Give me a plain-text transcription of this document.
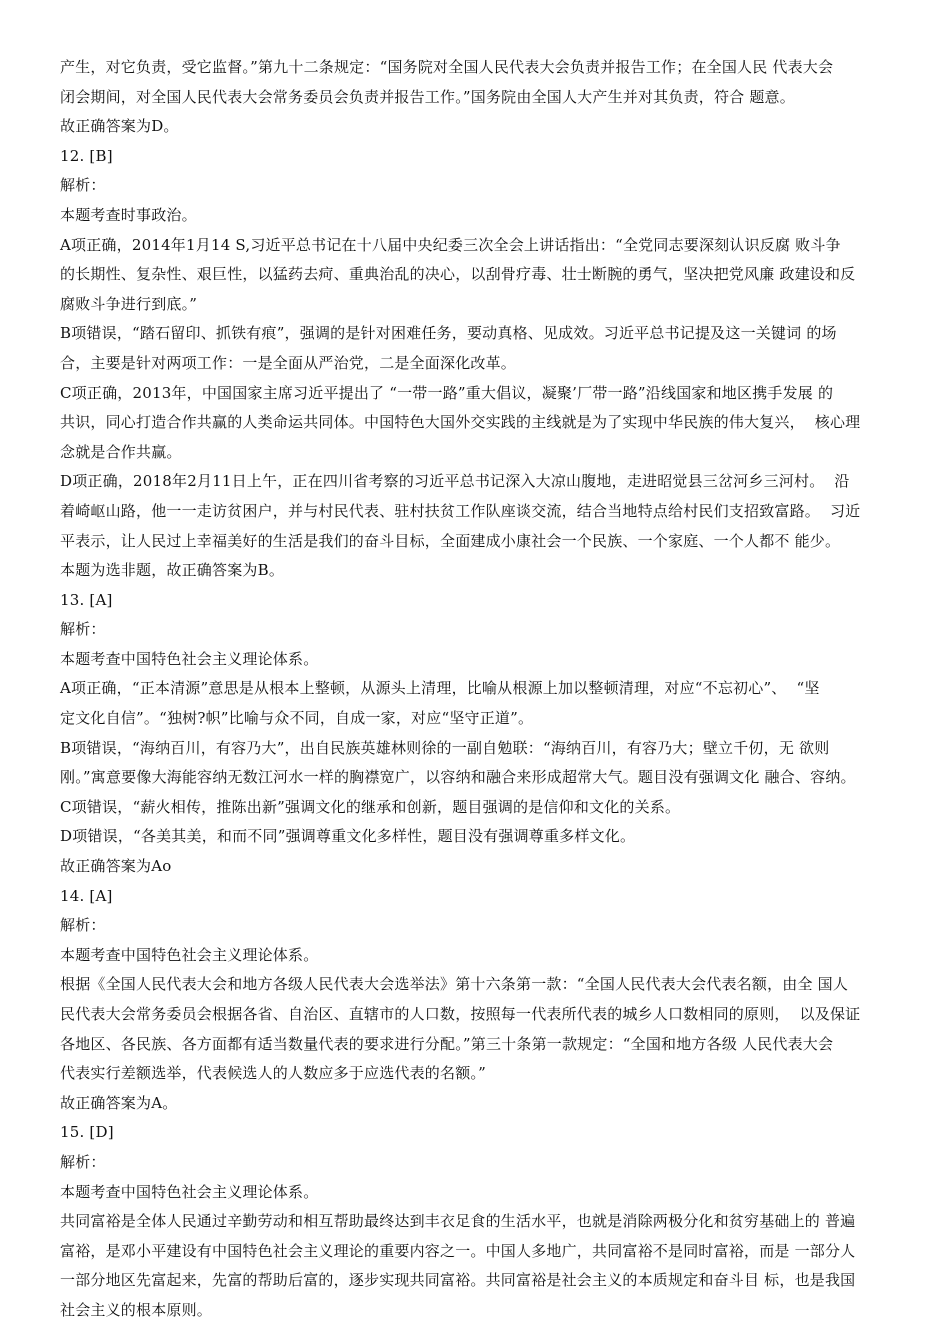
产生，对它负责，受它监督。”第九十二条规定：“国务院对全国人民代表大会负责并报告工作；在全国人民 代表大会

闭会期间，对全国人民代表大会常务委员会负责并报告工作。”国务院由全国人大产生并对其负责，符合 题意。

故正确答案为D。

12. [B]

解析：

本题考查时事政治。

A项正确，2014年1月14 S,习近平总书记在十八届中央纪委三次全会上讲话指出：“全党同志要深刻认识反腐 败斗争

的长期性、复杂性、艰巨性，以猛药去疴、重典治乱的决心，以刮骨疗毒、壮士断腕的勇气，坚决把党风廉 政建设和反

腐败斗争进行到底。”

B项错误，“踏石留印、抓铁有痕”，强调的是针对困难任务，要动真格、见成效。习近平总书记提及这一关键词 的场

合，主要是针对两项工作：一是全面从严治党，二是全面深化改革。

C项正确，2013年，中国国家主席习近平提出了 “一带一路”重大倡议，凝聚’厂带一路”沿线国家和地区携手发展 的

共识，同心打造合作共赢的人类命运共同体。中国特色大国外交实践的主线就是为了实现中华民族的伟大复兴，  核心理

念就是合作共赢。

D项正确，2018年2月11日上午，正在四川省考察的习近平总书记深入大凉山腹地，走进昭觉县三岔河乡三河村。  沿

着崎岖山路，他一一走访贫困户，并与村民代表、驻村扶贫工作队座谈交流，结合当地特点给村民们支招致富路。  习近

平表示，让人民过上幸福美好的生活是我们的奋斗目标，全面建成小康社会一个民族、一个家庭、一个人都不 能少。

本题为选非题，故正确答案为B。

13. [A]

解析：

本题考查中国特色社会主义理论体系。

A项正确，“正本清源”意思是从根本上整顿，从源头上清理，比喻从根源上加以整顿清理，对应“不忘初心”、  “坚

定文化自信”。“独树?帜”比喻与众不同，自成一家，对应“坚守正道”。

B项错误，“海纳百川，有容乃大”，出自民族英雄林则徐的一副自勉联：“海纳百川，有容乃大；壁立千仞，无 欲则

刚。”寓意要像大海能容纳无数江河水一样的胸襟宽广，以容纳和融合来形成超常大气。题目没有强调文化 融合、容纳。

C项错误，“薪火相传，推陈出新”强调文化的继承和创新，题目强调的是信仰和文化的关系。

D项错误，“各美其美，和而不同”强调尊重文化多样性，题目没有强调尊重多样文化。

故正确答案为Ao

14. [A]

解析：

本题考查中国特色社会主义理论体系。

根据《全国人民代表大会和地方各级人民代表大会选举法》第十六条第一款：“全国人民代表大会代表名额，由全 国人

民代表大会常务委员会根据各省、自治区、直辖市的人口数，按照每一代表所代表的城乡人口数相同的原则，  以及保证

各地区、各民族、各方面都有适当数量代表的要求进行分配。”第三十条第一款规定：“全国和地方各级 人民代表大会

代表实行差额选举，代表候选人的人数应多于应选代表的名额。”

故正确答案为A。

15. [D]

解析：

本题考查中国特色社会主义理论体系。

共同富裕是全体人民通过辛勤劳动和相互帮助最终达到丰衣足食的生活水平，也就是消除两极分化和贫穷基础上的 普遍

富裕，是邓小平建设有中国特色社会主义理论的重要内容之一。中国人多地广，共同富裕不是同时富裕，而是 一部分人

一部分地区先富起来，先富的帮助后富的，逐步实现共同富裕。共同富裕是社会主义的本质规定和奋斗目 标，也是我国

社会主义的根本原则。
